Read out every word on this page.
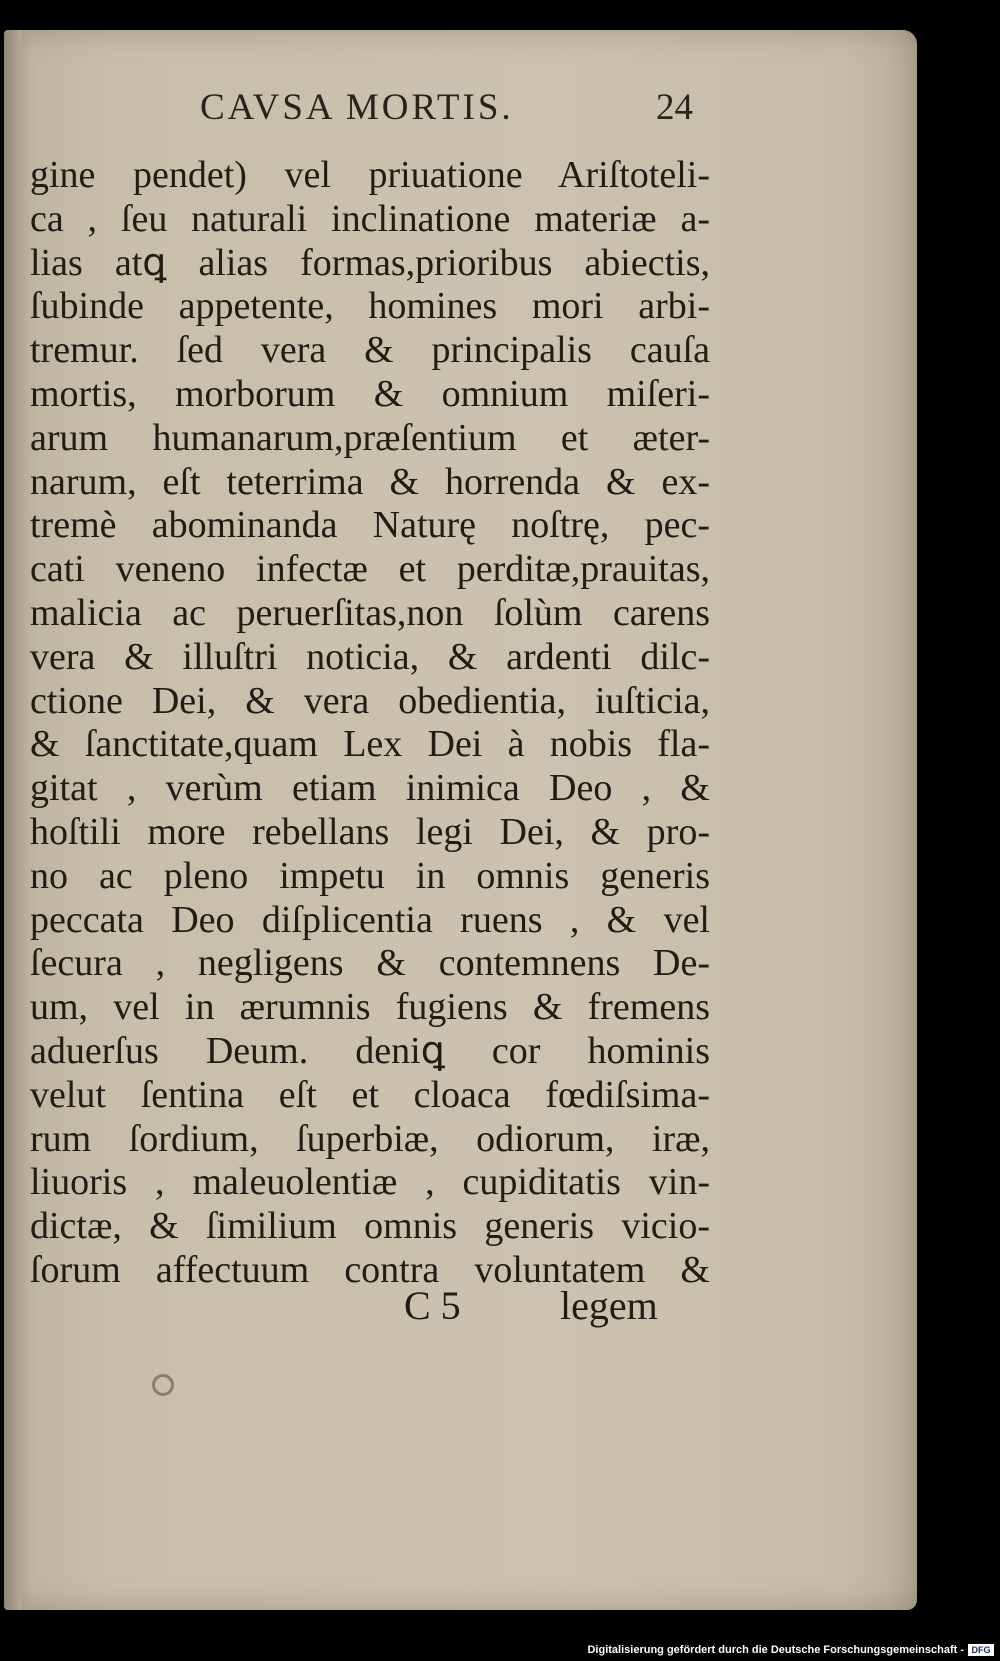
CAVSA MORTIS.	24
gine pendet) vel priuatione Ariſtoteli-
ca , ſeu naturali inclinatione materiæ a-
lias atꝗ alias formas,prioribus abiectis,
ſubinde appetente, homines mori arbi-
tremur. ſed vera & principalis cauſa
mortis, morborum & omnium miſeri-
arum humanarum,præſentium et æter-
narum, eſt teterrima & horrenda & ex-
tremè abominanda Naturę noſtrę, pec-
cati veneno infectæ et perditæ,prauitas,
malicia ac peruerſitas,non ſolùm carens
vera & illuſtri noticia, & ardenti dilc-
ctione Dei, & vera obedientia, iuſticia,
& ſanctitate,quam Lex Dei à nobis fla-
gitat , verùm etiam inimica Deo , &
hoſtili more rebellans legi Dei, & pro-
no ac pleno impetu in omnis generis
peccata Deo diſplicentia ruens , & vel
ſecura , negligens & contemnens De-
um, vel in ærumnis fugiens & fremens
aduerſus Deum. deniꝗ cor hominis
velut ſentina eſt et cloaca fœdiſsima-
rum ſordium, ſuperbiæ, odiorum, iræ,
liuoris , maleuolentiæ , cupiditatis vin-
dictæ, & ſimilium omnis generis vicio-
ſorum affectuum contra voluntatem &
C 5 legem
Digitalisierung gefördert durch die Deutsche Forschungsgemeinschaft - DFG
